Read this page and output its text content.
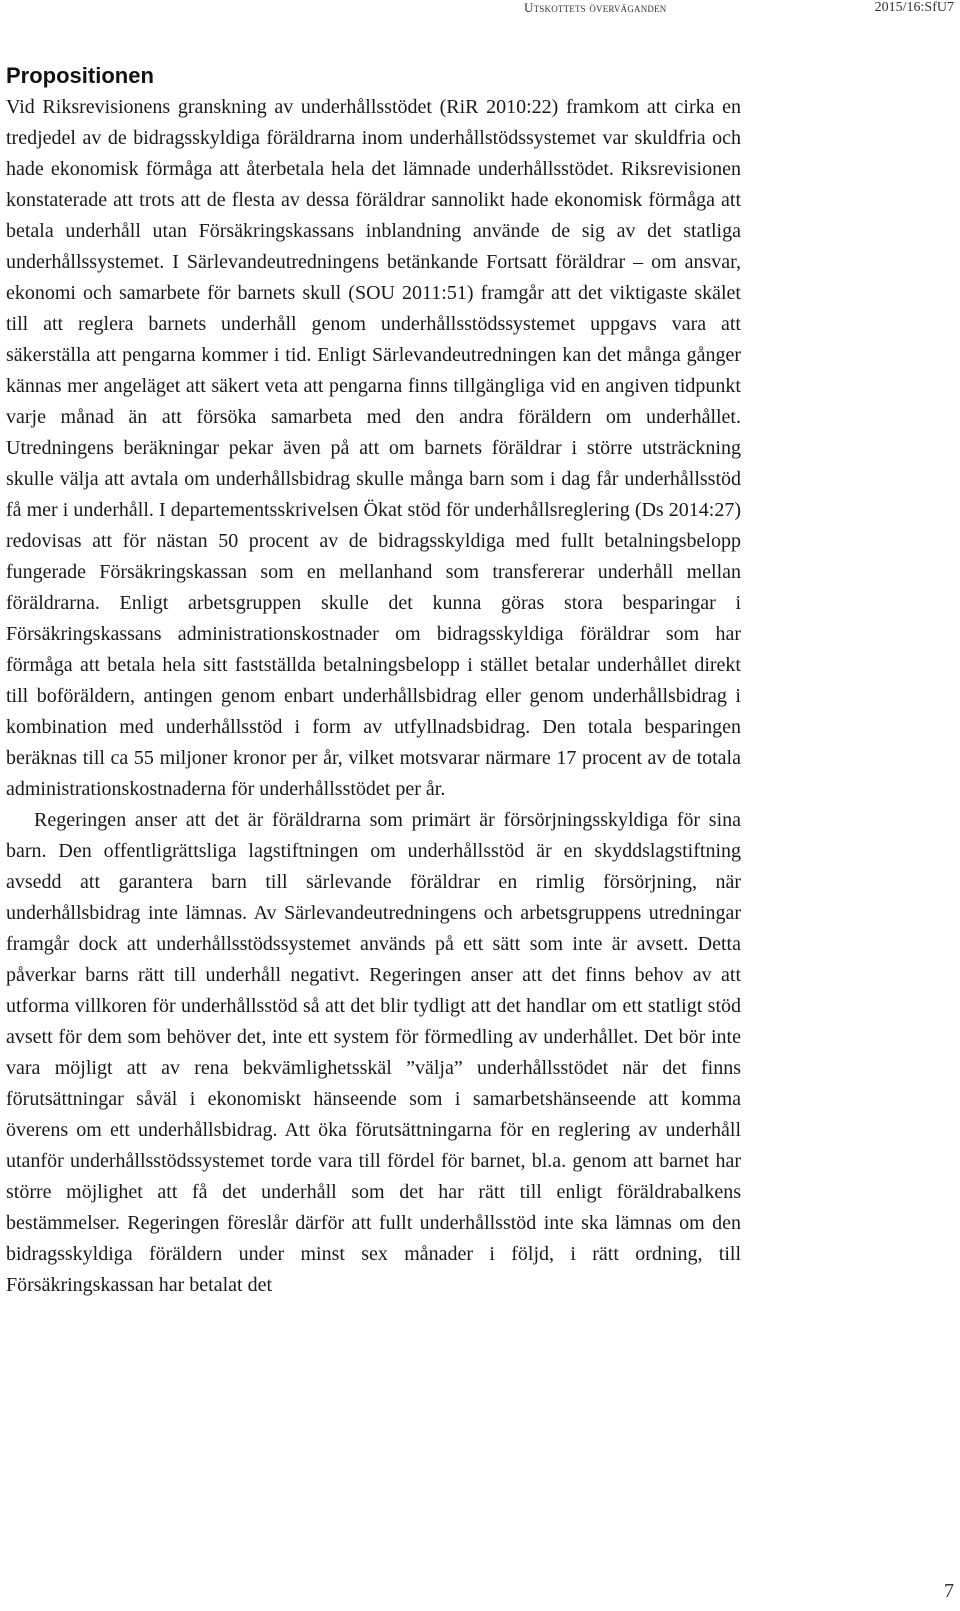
Utskottets överväganden	2015/16:SfU7
Propositionen

Vid Riksrevisionens granskning av underhållsstödet (RiR 2010:22) framkom att cirka en tredjedel av de bidragsskyldiga föräldrarna inom underhållstödssystemet var skuldfria och hade ekonomisk förmåga att återbetala hela det lämnade underhållsstödet. Riksrevisionen konstaterade att trots att de flesta av dessa föräldrar sannolikt hade ekonomisk förmåga att betala underhåll utan Försäkringskassans inblandning använde de sig av det statliga underhållssystemet. I Särlevandeutredningens betänkande Fortsatt föräldrar – om ansvar, ekonomi och samarbete för barnets skull (SOU 2011:51) framgår att det viktigaste skälet till att reglera barnets underhåll genom underhållsstödssystemet uppgavs vara att säkerställa att pengarna kommer i tid. Enligt Särlevandeutredningen kan det många gånger kännas mer angeläget att säkert veta att pengarna finns tillgängliga vid en angiven tidpunkt varje månad än att försöka samarbeta med den andra föräldern om underhållet. Utredningens beräkningar pekar även på att om barnets föräldrar i större utsträckning skulle välja att avtala om underhållsbidrag skulle många barn som i dag får underhållsstöd få mer i underhåll. I departementsskrivelsen Ökat stöd för underhållsreglering (Ds 2014:27) redovisas att för nästan 50 procent av de bidragsskyldiga med fullt betalningsbelopp fungerade Försäkringskassan som en mellanhand som transfererar underhåll mellan föräldrarna. Enligt arbetsgruppen skulle det kunna göras stora besparingar i Försäkringskassans administrationskostnader om bidragsskyldiga föräldrar som har förmåga att betala hela sitt fastställda betalningsbelopp i stället betalar underhållet direkt till boföräldern, antingen genom enbart underhållsbidrag eller genom underhållsbidrag i kombination med underhållsstöd i form av utfyllnadsbidrag. Den totala besparingen beräknas till ca 55 miljoner kronor per år, vilket motsvarar närmare 17 procent av de totala administrationskostnaderna för underhållsstödet per år.

Regeringen anser att det är föräldrarna som primärt är försörjningsskyldiga för sina barn. Den offentligrättsliga lagstiftningen om underhållsstöd är en skyddslagstiftning avsedd att garantera barn till särlevande föräldrar en rimlig försörjning, när underhållsbidrag inte lämnas. Av Särlevandeutredningens och arbetsgruppens utredningar framgår dock att underhållsstödssystemet används på ett sätt som inte är avsett. Detta påverkar barns rätt till underhåll negativt. Regeringen anser att det finns behov av att utforma villkoren för underhållsstöd så att det blir tydligt att det handlar om ett statligt stöd avsett för dem som behöver det, inte ett system för förmedling av underhållet. Det bör inte vara möjligt att av rena bekvämlighetsskäl ”välja” underhållsstödet när det finns förutsättningar såväl i ekonomiskt hänseende som i samarbetshänseende att komma överens om ett underhållsbidrag. Att öka förutsättningarna för en reglering av underhåll utanför underhållsstödssystemet torde vara till fördel för barnet, bl.a. genom att barnet har större möjlighet att få det underhåll som det har rätt till enligt föräldrabalkens bestämmelser. Regeringen föreslår därför att fullt underhållsstöd inte ska lämnas om den bidragsskyldiga föräldern under minst sex månader i följd, i rätt ordning, till Försäkringskassan har betalat det

7
